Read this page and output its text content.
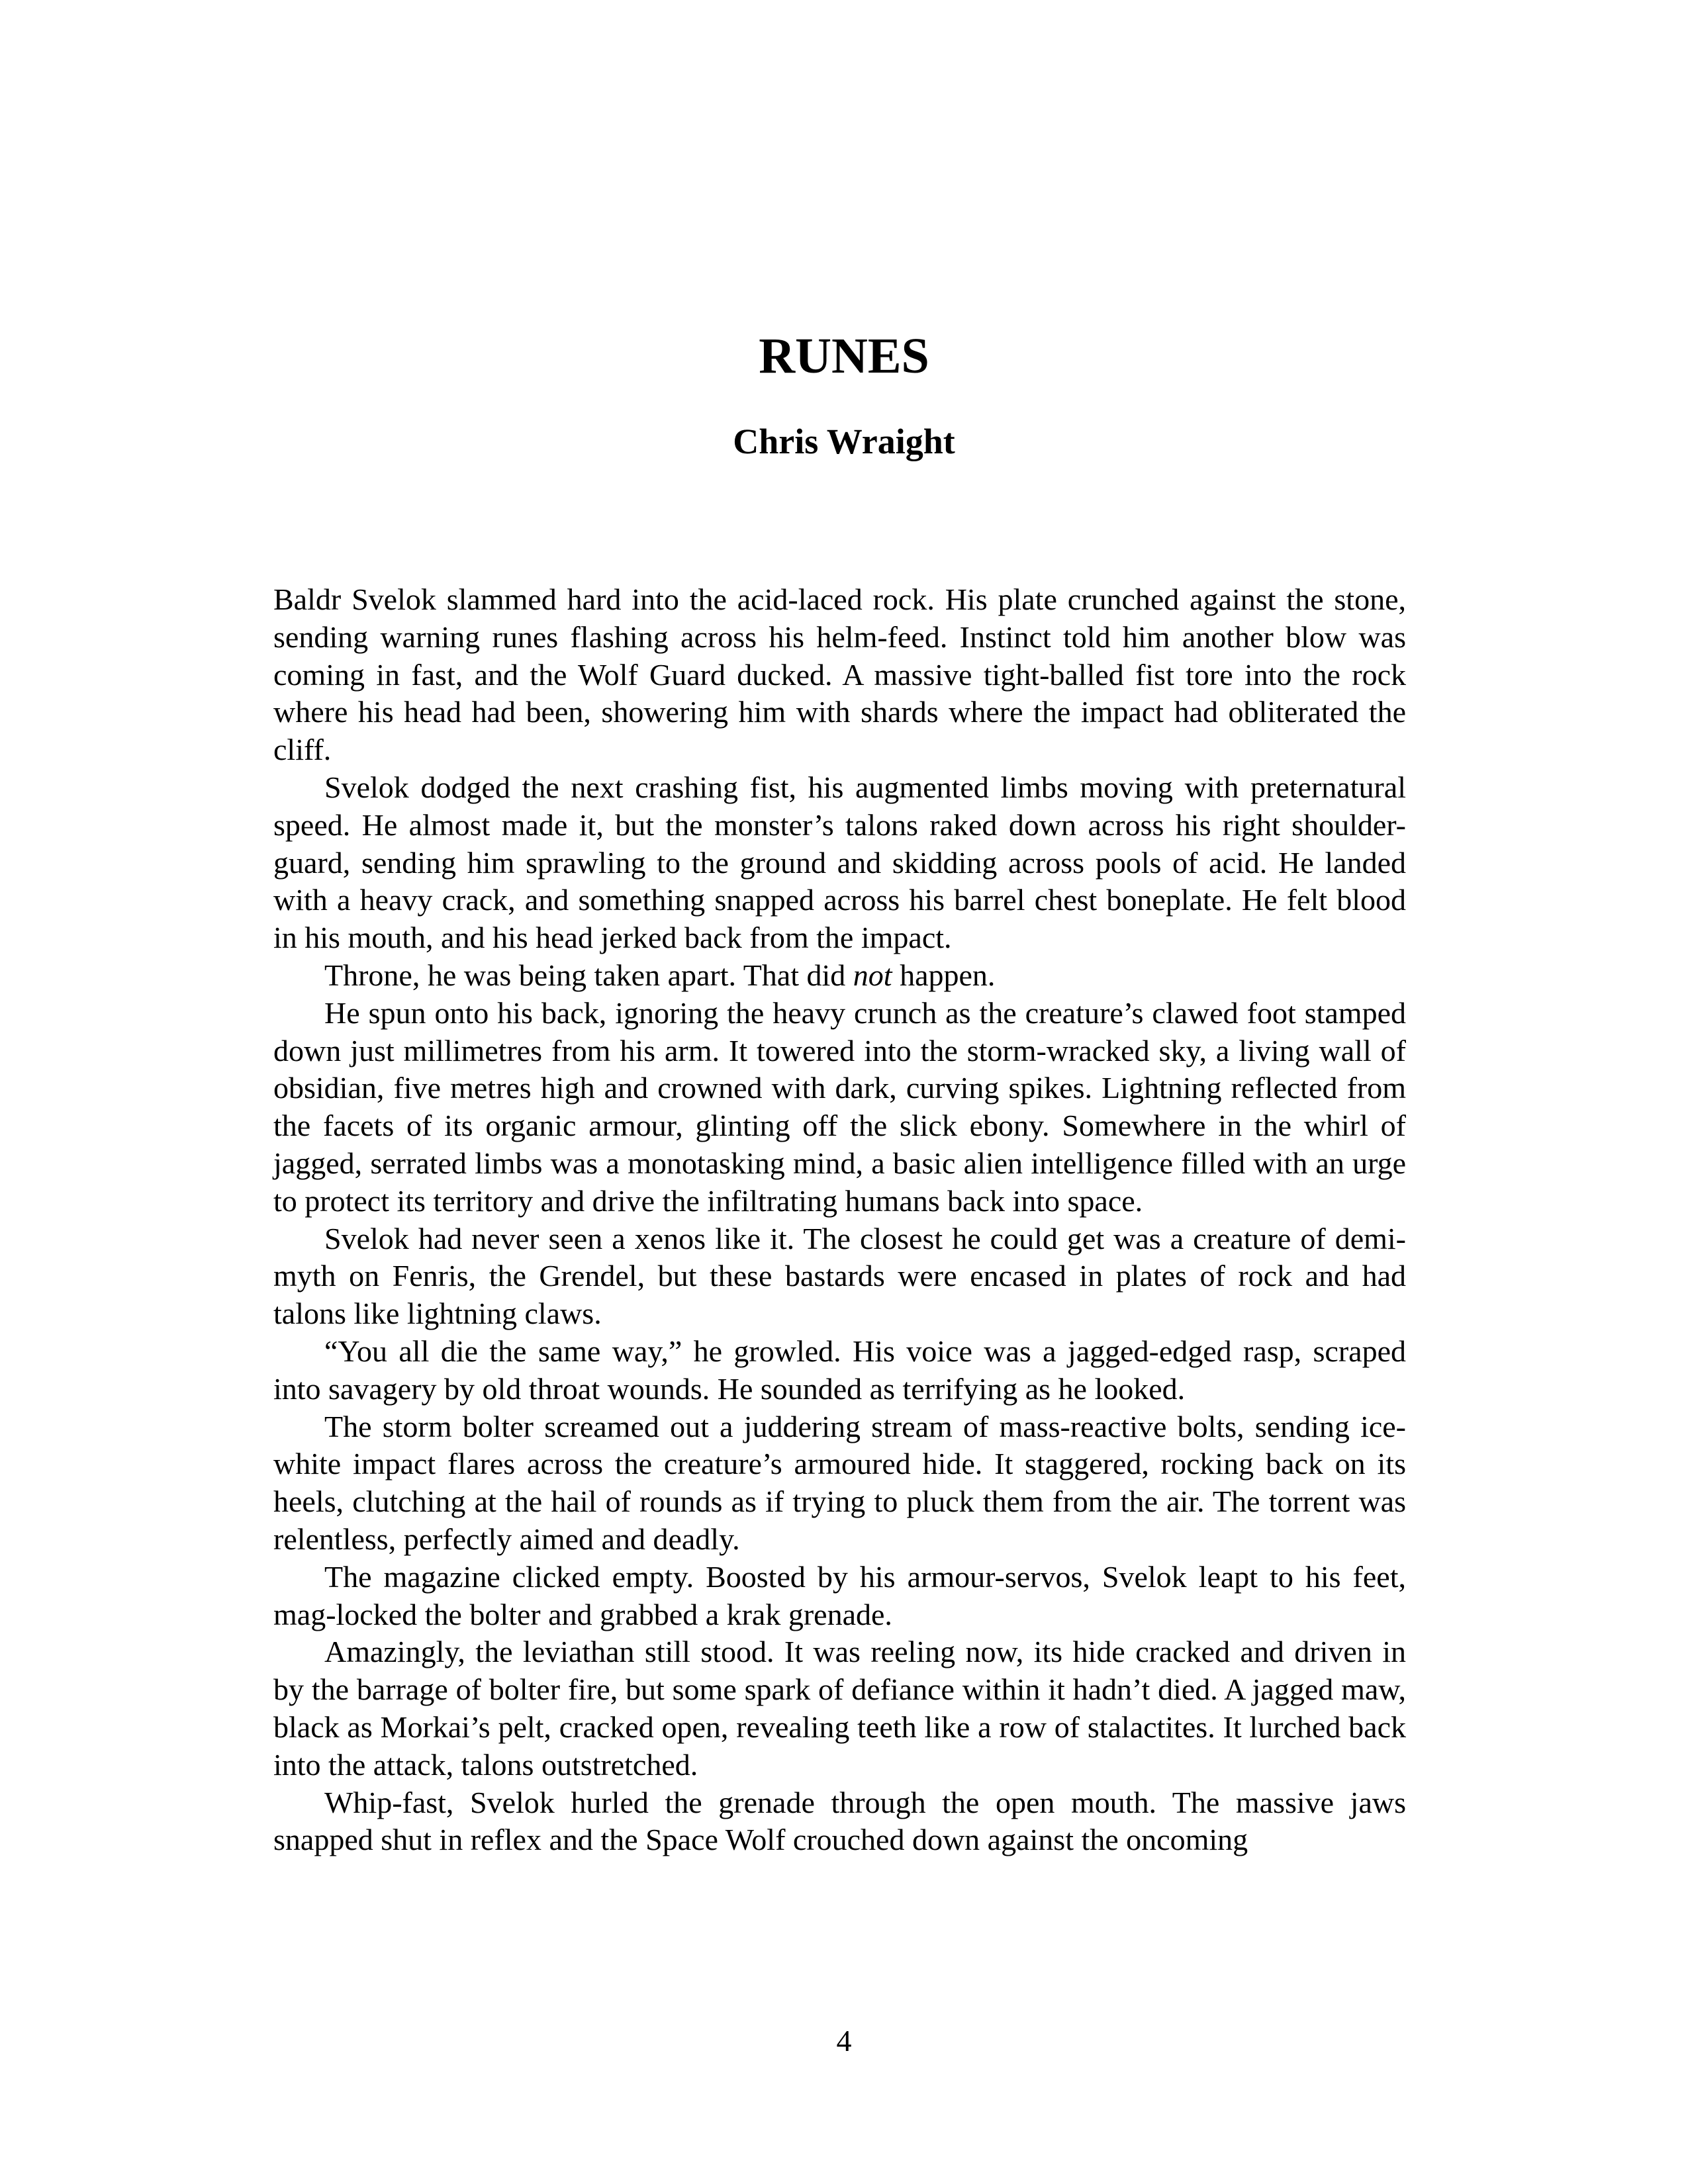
RUNES
Chris Wraight

Baldr Svelok slammed hard into the acid-laced rock. His plate crunched against the stone, sending warning runes flashing across his helm-feed. Instinct told him another blow was coming in fast, and the Wolf Guard ducked. A massive tight-balled fist tore into the rock where his head had been, showering him with shards where the impact had obliterated the cliff.

Svelok dodged the next crashing fist, his augmented limbs moving with preternatural speed. He almost made it, but the monster’s talons raked down across his right shoulder-guard, sending him sprawling to the ground and skidding across pools of acid. He landed with a heavy crack, and something snapped across his barrel chest boneplate. He felt blood in his mouth, and his head jerked back from the impact.

Throne, he was being taken apart. That did not happen.

He spun onto his back, ignoring the heavy crunch as the creature’s clawed foot stamped down just millimetres from his arm. It towered into the storm-wracked sky, a living wall of obsidian, five metres high and crowned with dark, curving spikes. Lightning reflected from the facets of its organic armour, glinting off the slick ebony. Somewhere in the whirl of jagged, serrated limbs was a monotasking mind, a basic alien intelligence filled with an urge to protect its territory and drive the infiltrating humans back into space.

Svelok had never seen a xenos like it. The closest he could get was a creature of demi-myth on Fenris, the Grendel, but these bastards were encased in plates of rock and had talons like lightning claws.

“You all die the same way,” he growled. His voice was a jagged-edged rasp, scraped into savagery by old throat wounds. He sounded as terrifying as he looked.

The storm bolter screamed out a juddering stream of mass-reactive bolts, sending ice-white impact flares across the creature’s armoured hide. It staggered, rocking back on its heels, clutching at the hail of rounds as if trying to pluck them from the air. The torrent was relentless, perfectly aimed and deadly.

The magazine clicked empty. Boosted by his armour-servos, Svelok leapt to his feet, mag-locked the bolter and grabbed a krak grenade.

Amazingly, the leviathan still stood. It was reeling now, its hide cracked and driven in by the barrage of bolter fire, but some spark of defiance within it hadn’t died. A jagged maw, black as Morkai’s pelt, cracked open, revealing teeth like a row of stalactites. It lurched back into the attack, talons outstretched.

Whip-fast, Svelok hurled the grenade through the open mouth. The massive jaws snapped shut in reflex and the Space Wolf crouched down against the oncoming

4
